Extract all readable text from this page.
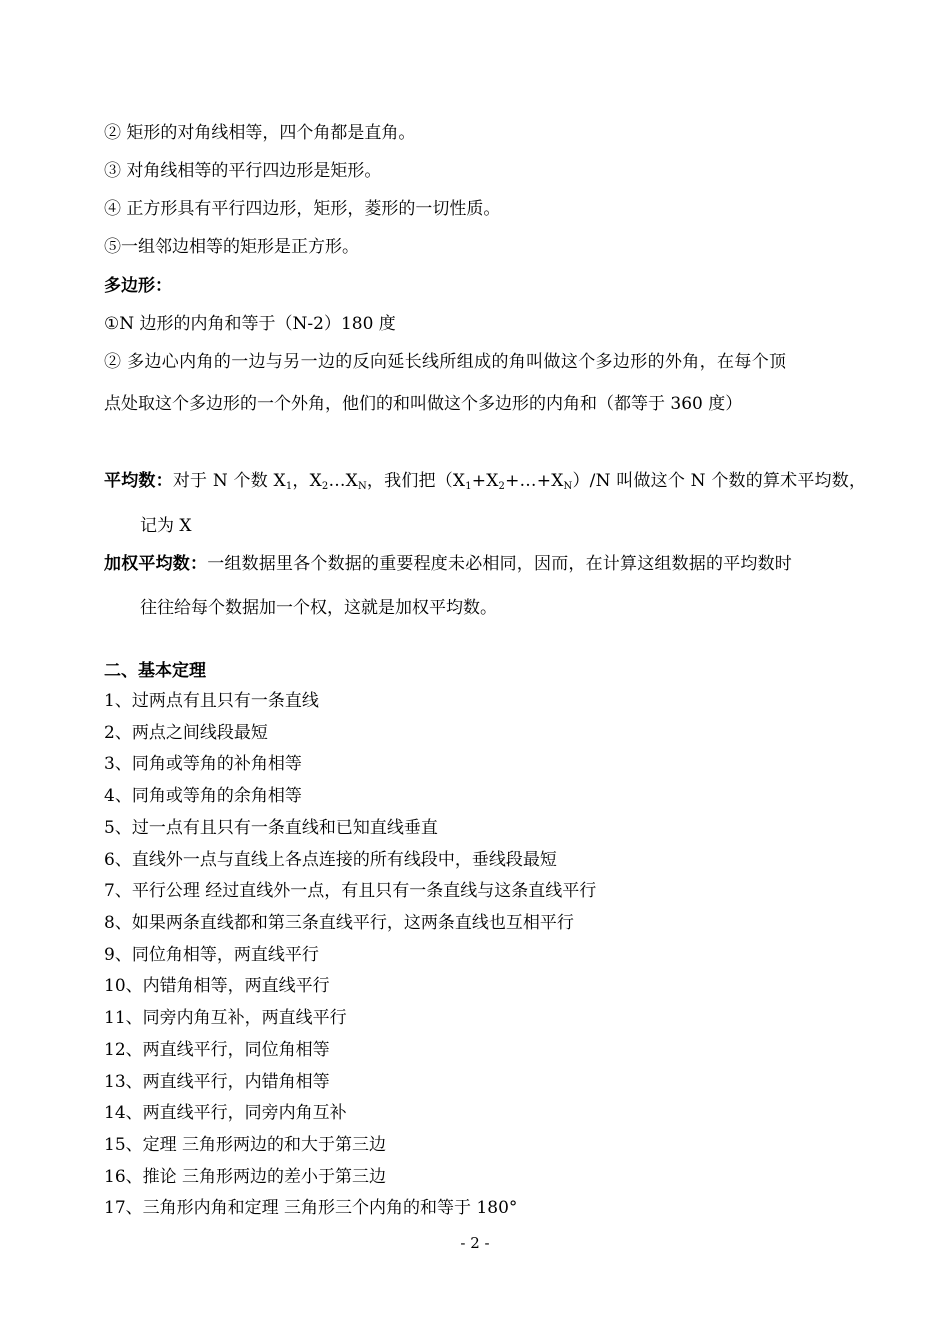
② 矩形的对角线相等，四个角都是直角。
③ 对角线相等的平行四边形是矩形。
④ 正方形具有平行四边形，矩形，菱形的一切性质。
⑤一组邻边相等的矩形是正方形。
多边形：
①N 边形的内角和等于（N-2）180 度
② 多边心内角的一边与另一边的反向延长线所组成的角叫做这个多边形的外角，在每个顶
点处取这个多边形的一个外角，他们的和叫做这个多边形的内角和（都等于 360 度）
平均数：对于 N 个数 $X_1$，$X_2\dots X_N$，我们把$(X_1+X_2+\dots+X_N)/N$ 叫做这个 N 个数的算术平均数，
记为 X
加权平均数：一组数据里各个数据的重要程度未必相同，因而，在计算这组数据的平均数时
往往给每个数据加一个权，这就是加权平均数。
二、基本定理
1、过两点有且只有一条直线
2、两点之间线段最短
3、同角或等角的补角相等
4、同角或等角的余角相等
5、过一点有且只有一条直线和已知直线垂直
6、直线外一点与直线上各点连接的所有线段中，垂线段最短
7、平行公理 经过直线外一点，有且只有一条直线与这条直线平行
8、如果两条直线都和第三条直线平行，这两条直线也互相平行
9、同位角相等，两直线平行
10、内错角相等，两直线平行
11、同旁内角互补，两直线平行
12、两直线平行，同位角相等
13、两直线平行，内错角相等
14、两直线平行，同旁内角互补
15、定理 三角形两边的和大于第三边
16、推论 三角形两边的差小于第三边
17、三角形内角和定理 三角形三个内角的和等于 180°
- 2 -
